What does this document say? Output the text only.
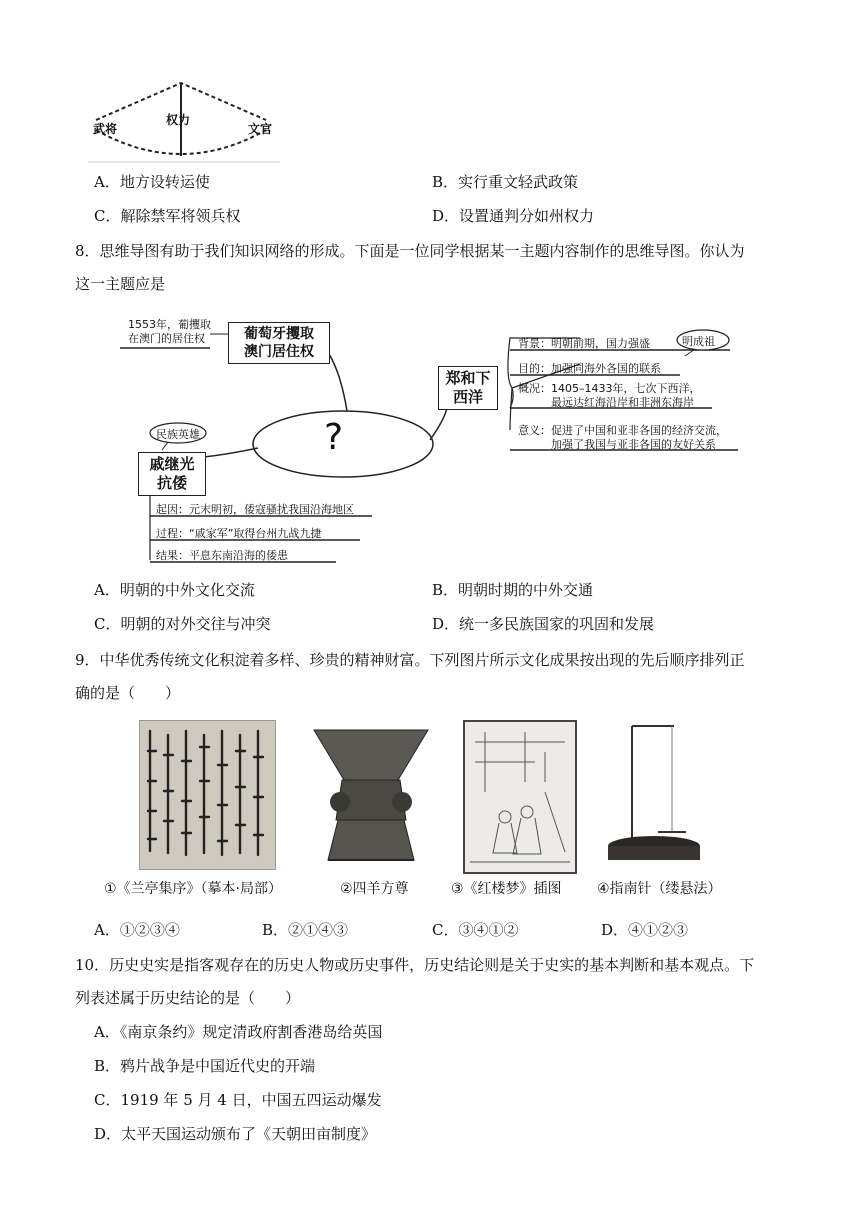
武将
权力
文官
A．地方设转运使	B．实行重文轻武政策
C．解除禁军将领兵权	D．设置通判分如州权力
8．思维导图有助于我们知识网络的形成。下面是一位同学根据某一主题内容制作的思维导图。你认为
这一主题应是
1553年，葡攫取
在澳门的居住权	葡萄牙攫取
澳门居住权
?
郑和下
西洋
明成祖
背景：明朝前期，国力强盛
目的：加强同海外各国的联系
概况：1405–1433年，七次下西洋，
最远达红海沿岸和非洲东海岸
意义：促进了中国和亚非各国的经济交流，
加强了我国与亚非各国的友好关系
民族英雄
戚继光
抗倭
起因：元末明初，倭寇骚扰我国沿海地区
过程：“戚家军”取得台州九战九捷
结果：平息东南沿海的倭患
A．明朝的中外文化交流	B．明朝时期的中外交通
C．明朝的对外交往与冲突	D．统一多民族国家的巩固和发展
9．中华优秀传统文化积淀着多样、珍贵的精神财富。下列图片所示文化成果按出现的先后顺序排列正
确的是（　　）
①《兰亭集序》（摹本·局部）	②四羊方尊	③《红楼梦》插图	④指南针（缕悬法）
A．①②③④	B．②①④③	C．③④①②	D．④①②③
10．历史史实是指客观存在的历史人物或历史事件，历史结论则是关于史实的基本判断和基本观点。下
列表述属于历史结论的是（　　）
A．《南京条约》规定清政府割香港岛给英国
B．鸦片战争是中国近代史的开端
C．1919 年 5 月 4 日，中国五四运动爆发
D．太平天国运动颁布了《天朝田亩制度》
